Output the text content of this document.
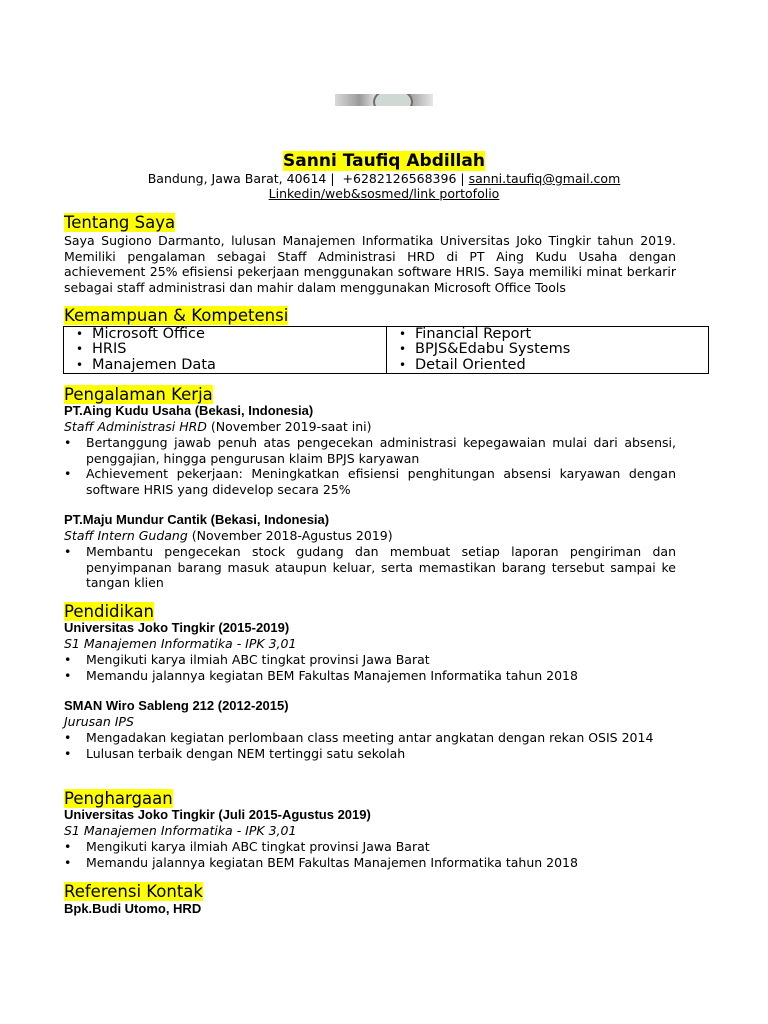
Sanni Taufiq Abdillah
Bandung, Jawa Barat, 40614 | +6282126568396 | sanni.taufiq@gmail.com
Linkedin/web&sosmed/link portofolio
Tentang Saya

Saya Sugiono Darmanto, lulusan Manajemen Informatika Universitas Joko Tingkir tahun 2019. Memiliki pengalaman sebagai Staff Administrasi HRD di PT Aing Kudu Usaha dengan achievement 25% efisiensi pekerjaan menggunakan software HRIS. Saya memiliki minat berkarir sebagai staff administrasi dan mahir dalam menggunakan Microsoft Office Tools

Kemampuan & Kompetensi
• Microsoft Office
• HRIS
• Manajemen Data
• Financial Report
• BPJS&Edabu Systems
• Detail Oriented
Pengalaman Kerja
PT.Aing Kudu Usaha (Bekasi, Indonesia)
Staff Administrasi HRD (November 2019-saat ini)
• Bertanggung jawab penuh atas pengecekan administrasi kepegawaian mulai dari absensi, penggajian, hingga pengurusan klaim BPJS karyawan
• Achievement pekerjaan: Meningkatkan efisiensi penghitungan absensi karyawan dengan software HRIS yang didevelop secara 25%
PT.Maju Mundur Cantik (Bekasi, Indonesia)
Staff Intern Gudang (November 2018-Agustus 2019)
• Membantu pengecekan stock gudang dan membuat setiap laporan pengiriman dan penyimpanan barang masuk ataupun keluar, serta memastikan barang tersebut sampai ke tangan klien
Pendidikan
Universitas Joko Tingkir (2015-2019)
S1 Manajemen Informatika - IPK 3,01
• Mengikuti karya ilmiah ABC tingkat provinsi Jawa Barat
• Memandu jalannya kegiatan BEM Fakultas Manajemen Informatika tahun 2018
SMAN Wiro Sableng 212 (2012-2015)
Jurusan IPS
• Mengadakan kegiatan perlombaan class meeting antar angkatan dengan rekan OSIS 2014
• Lulusan terbaik dengan NEM tertinggi satu sekolah
Penghargaan
Universitas Joko Tingkir (Juli 2015-Agustus 2019)
S1 Manajemen Informatika - IPK 3,01
• Mengikuti karya ilmiah ABC tingkat provinsi Jawa Barat
• Memandu jalannya kegiatan BEM Fakultas Manajemen Informatika tahun 2018
Referensi Kontak
Bpk.Budi Utomo, HRD
